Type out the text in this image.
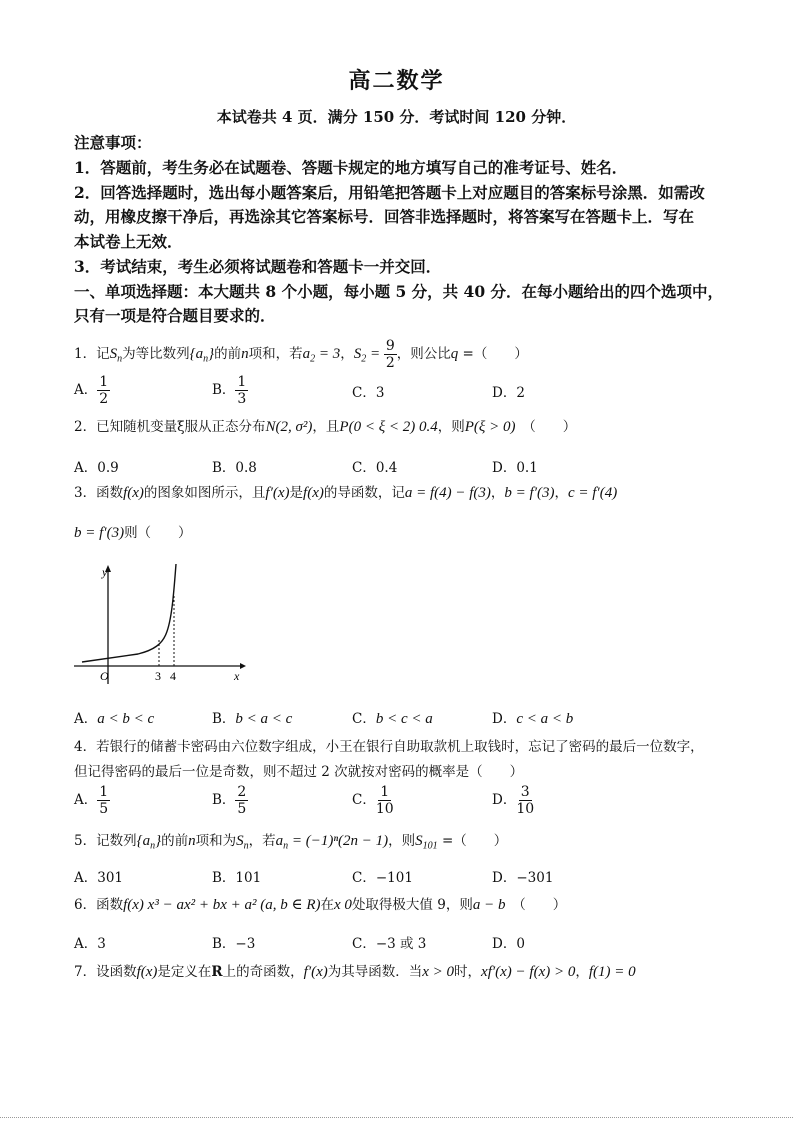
高二数学
本试卷共 4 页．满分 150 分．考试时间 120 分钟．
注意事项：
1．答题前，考生务必在试题卷、答题卡规定的地方填写自己的准考证号、姓名．
2．回答选择题时，选出每小题答案后，用铅笔把答题卡上对应题目的答案标号涂黑．如需改
动，用橡皮擦干净后，再选涂其它答案标号．回答非选择题时，将答案写在答题卡上．写在
本试卷上无效．
3．考试结束，考生必须将试题卷和答题卡一并交回．
一、单项选择题：本大题共 8 个小题，每小题 5 分，共 40 分．在每小题给出的四个选项中，
只有一项是符合题目要求的．
1．记$S_n$为等比数列$\{a_n\}$的前n项和，若$a_2 = 3$，$S_2 = \frac{9}{2}$ ，则公比q =（　　）
A． $\frac{1}{2}$	B． $\frac{1}{3}$	C．3	D．2
2．已知随机变量ξ服从正态分布N(2, σ²)，且P(0 < ξ < 2) 0.4，则P(ξ > 0)　（　　）
A．0.9	B．0.8	C．0.4	D．0.1
3．函数f(x)的图象如图所示，且f′(x)是f(x)的导函数，记a = f(4) − f(3)，b = f′(3)，c = f′(4)
b = f′(3)则（　　）
y
x
O	3 4
A．a < b < c	B．b < a < c	C．b < c < a	D．c < a < b
4．若银行的储蓄卡密码由六位数字组成，小王在银行自助取款机上取钱时，忘记了密码的最后一位数字，
但记得密码的最后一位是奇数，则不超过 2 次就按对密码的概率是（　　）
A． $\frac{1}{5}$	B． $\frac{2}{5}$	C． $\frac{1}{10}$	D． $\frac{3}{10}$
5．记数列$\{a_n\}$的前n项和为$S_n$，若$a_n = (-1)^n(2n - 1)$，则$S_{101}$ =（　　）
A．301	B．101	C．−101	D．−301
6．函数f(x) x³ − ax² + bx + a² (a, b ∈ R)在x 0处取得极大值 9，则a − b　（　　）
A．3	B．−3	C．−3 或 3	D．0
7．设函数f(x)是定义在R上的奇函数，f′(x)为其导函数．当x > 0时，xf′(x) − f(x) > 0，f(1) = 0
